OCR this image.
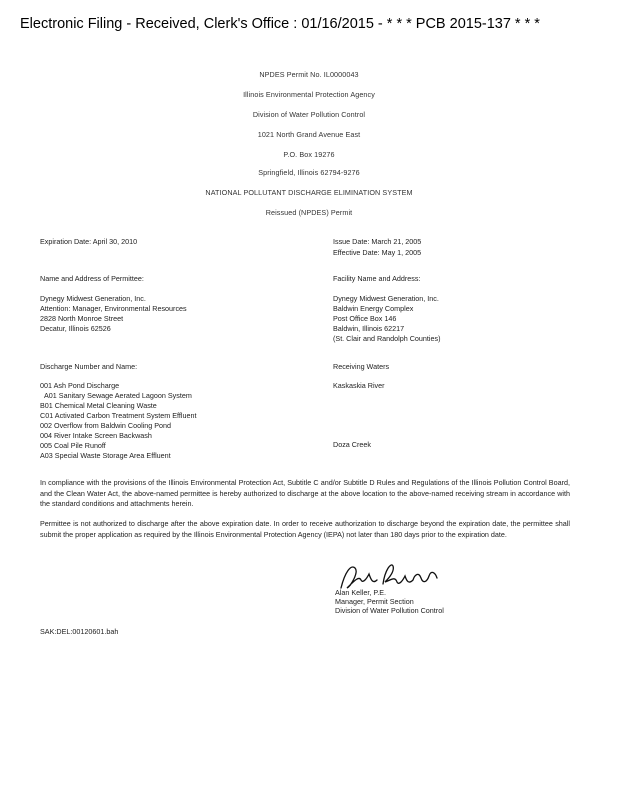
Electronic Filing - Received, Clerk's Office : 01/16/2015 - * * * PCB 2015-137 * * *
NPDES Permit No. IL0000043
Illinois Environmental Protection Agency
Division of Water Pollution Control
1021 North Grand Avenue East
P.O. Box 19276
Springfield, Illinois 62794-9276
NATIONAL POLLUTANT DISCHARGE ELIMINATION SYSTEM
Reissued (NPDES) Permit
Expiration Date: April 30, 2010	Issue Date: March 21, 2005
Effective Date: May 1, 2005
Name and Address of Permittee:
Dynegy Midwest Generation, Inc.
Attention: Manager, Environmental Resources
2828 North Monroe Street
Decatur, Illinois 62526
Facility Name and Address:
Dynegy Midwest Generation, Inc.
Baldwin Energy Complex
Post Office Box 146
Baldwin, Illinois 62217
(St. Clair and Randolph Counties)
Discharge Number and Name:	Receiving Waters
001 Ash Pond Discharge
A01 Sanitary Sewage Aerated Lagoon System
B01 Chemical Metal Cleaning Waste
C01 Activated Carbon Treatment System Effluent
002 Overflow from Baldwin Cooling Pond
004 River Intake Screen Backwash
005 Coal Pile Runoff
A03 Special Waste Storage Area Effluent
Kaskaskia River
Doza Creek
In compliance with the provisions of the Illinois Environmental Protection Act, Subtitle C and/or Subtitle D Rules and Regulations of the Illinois Pollution Control Board, and the Clean Water Act, the above-named permittee is hereby authorized to discharge at the above location to the above-named receiving stream in accordance with the standard conditions and attachments herein.
Permittee is not authorized to discharge after the above expiration date. In order to receive authorization to discharge beyond the expiration date, the permittee shall submit the proper application as required by the Illinois Environmental Protection Agency (IEPA) not later than 180 days prior to the expiration date.
Alan Keller, P.E.
Manager, Permit Section
Division of Water Pollution Control
SAK:DEL:00120601.bah
